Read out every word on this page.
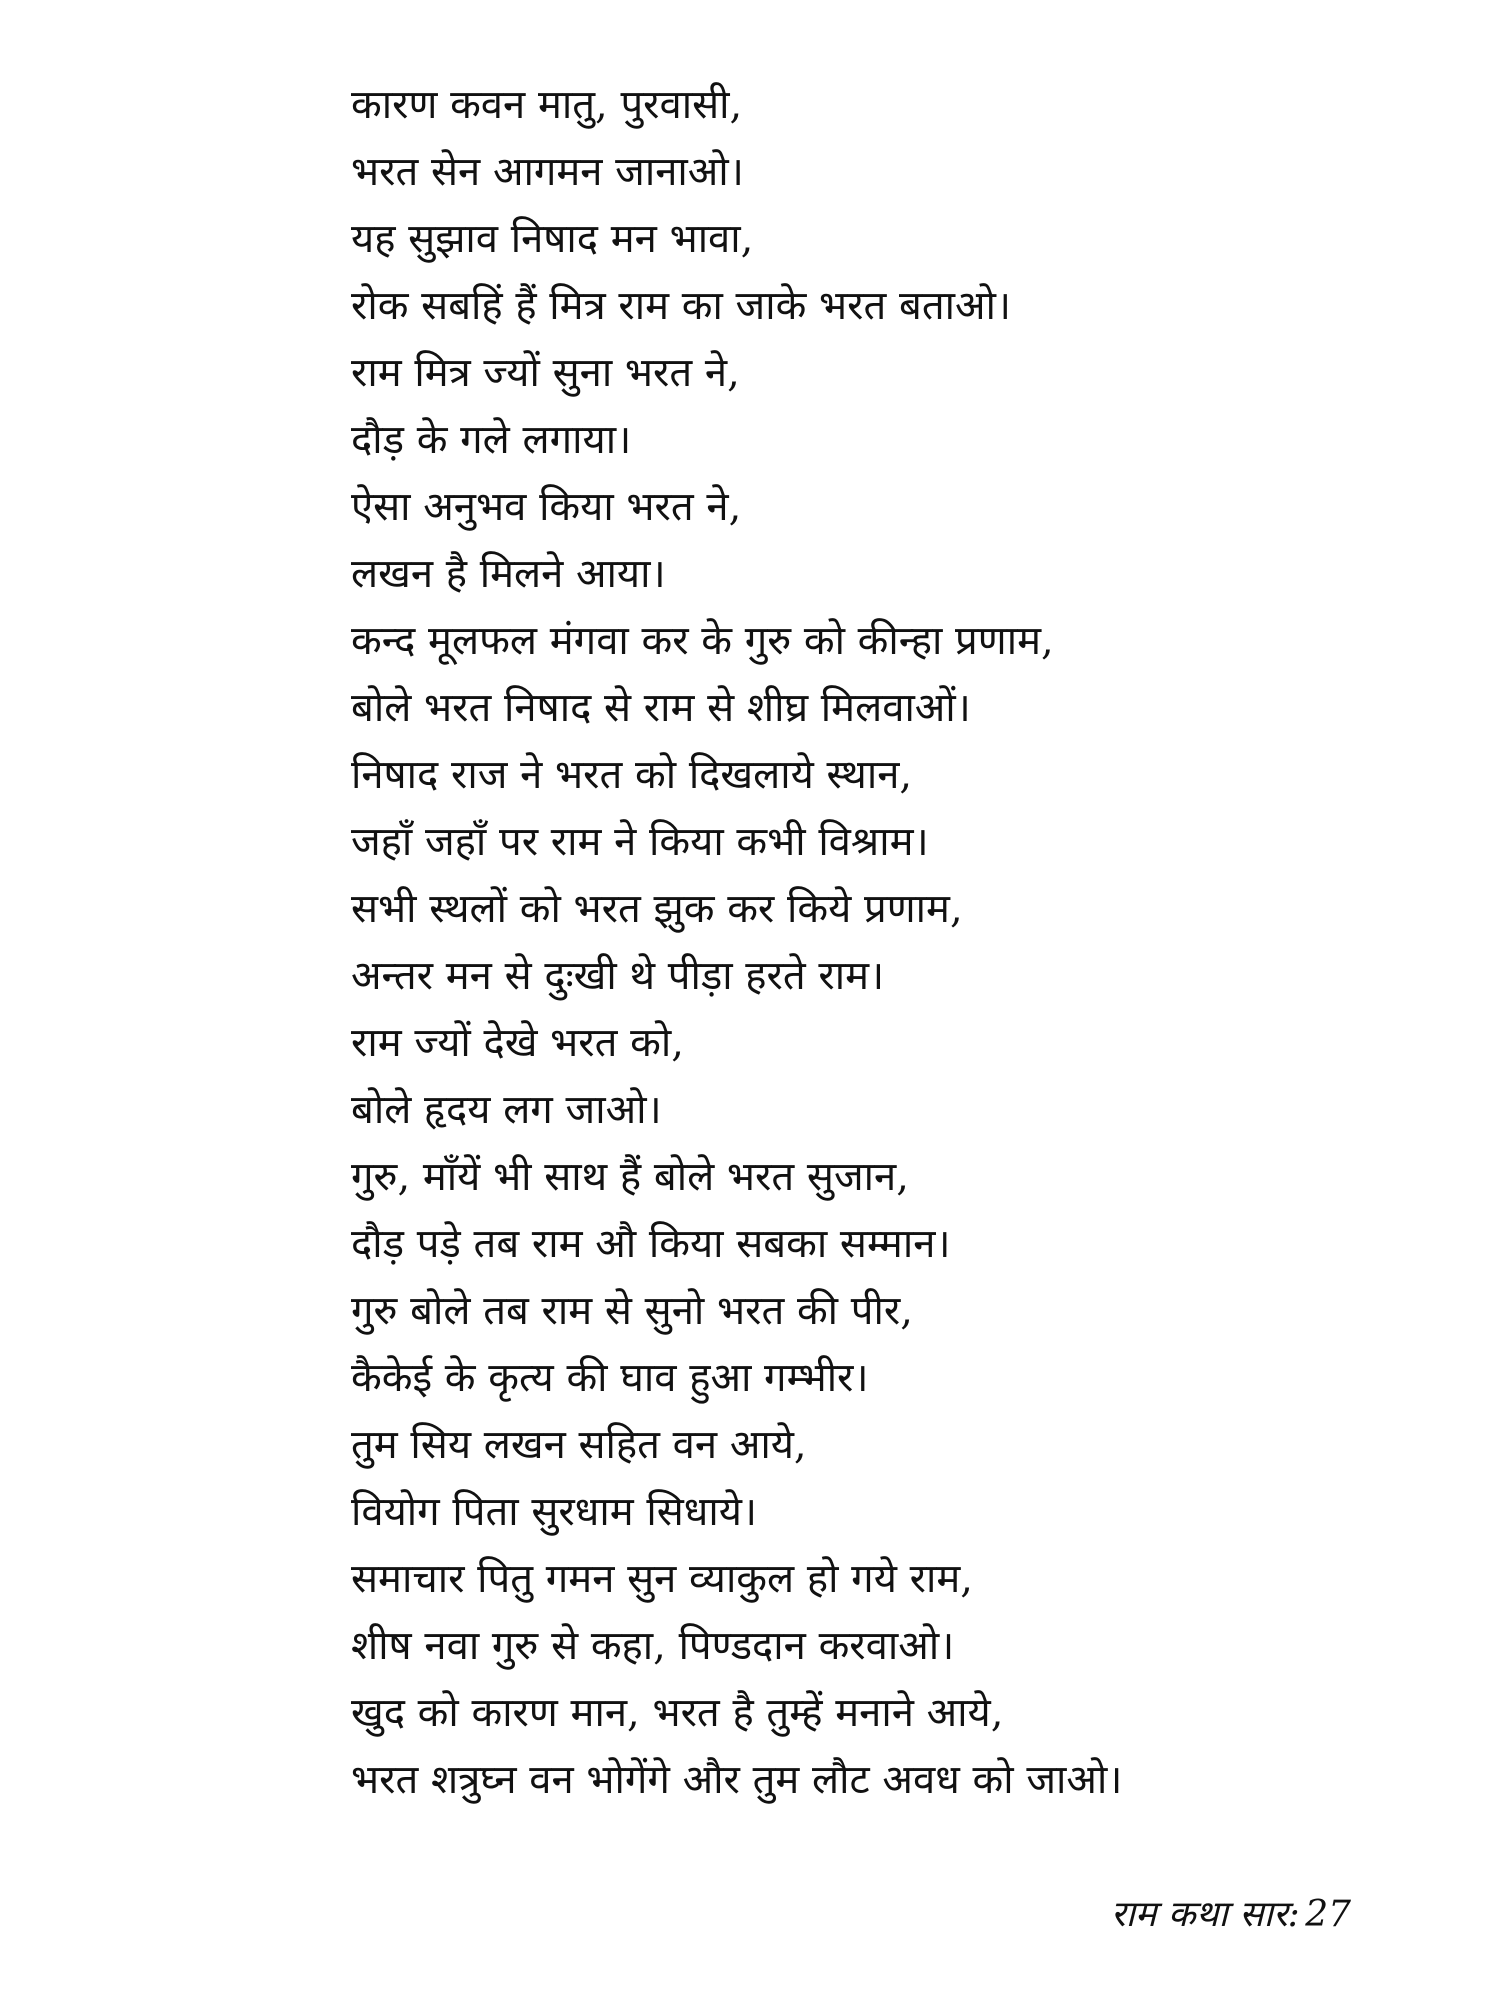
कारण कवन मातु, पुरवासी,
भरत सेन आगमन जानाओ।
यह सुझाव निषाद मन भावा,
रोक सबहिं हैं मित्र राम का जाके भरत बताओ।
राम मित्र ज्यों सुना भरत ने,
दौड़ के गले लगाया।
ऐसा अनुभव किया भरत ने,
लखन है मिलने आया।
कन्द मूलफल मंगवा कर के गुरु को कीन्हा प्रणाम,
बोले भरत निषाद से राम से शीघ्र मिलवाओं।
निषाद राज ने भरत को दिखलाये स्थान,
जहाँ जहाँ पर राम ने किया कभी विश्राम।
सभी स्थलों को भरत झुक कर किये प्रणाम,
अन्तर मन से दुःखी थे पीड़ा हरते राम।
राम ज्यों देखे भरत को,
बोले हृदय लग जाओ।
गुरु, माँयें भी साथ हैं बोले भरत सुजान,
दौड़ पड़े तब राम औ किया सबका सम्मान।
गुरु बोले तब राम से सुनो भरत की पीर,
कैकेई के कृत्य की घाव हुआ गम्भीर।
तुम सिय लखन सहित वन आये,
वियोग पिता सुरधाम सिधाये।
समाचार पितु गमन सुन व्याकुल हो गये राम,
शीष नवा गुरु से कहा, पिण्डदान करवाओ।
खुद को कारण मान, भरत है तुम्हें मनाने आये,
भरत शत्रुघ्न वन भोगेंगे और तुम लौट अवध को जाओ।
राम कथा सार: 27
